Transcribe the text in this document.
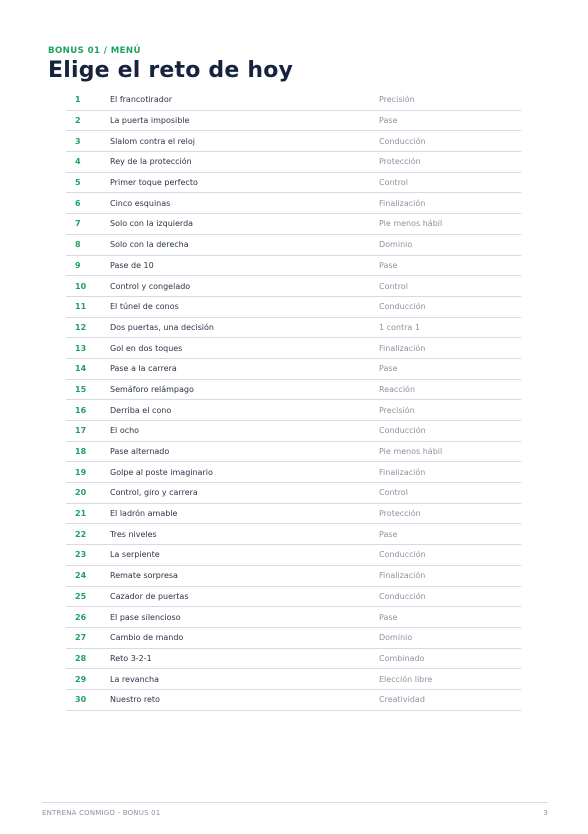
BONUS 01 / MENÚ
Elige el reto de hoy
1	El francotirador	Precisión
2	La puerta imposible	Pase
3	Slalom contra el reloj	Conducción
4	Rey de la protección	Protección
5	Primer toque perfecto	Control
6	Cinco esquinas	Finalización
7	Solo con la izquierda	Pie menos hábil
8	Solo con la derecha	Dominio
9	Pase de 10	Pase
10	Control y congelado	Control
11	El túnel de conos	Conducción
12	Dos puertas, una decisión	1 contra 1
13	Gol en dos toques	Finalización
14	Pase a la carrera	Pase
15	Semáforo relámpago	Reacción
16	Derriba el cono	Precisión
17	El ocho	Conducción
18	Pase alternado	Pie menos hábil
19	Golpe al poste imaginario	Finalización
20	Control, giro y carrera	Control
21	El ladrón amable	Protección
22	Tres niveles	Pase
23	La serpiente	Conducción
24	Remate sorpresa	Finalización
25	Cazador de puertas	Conducción
26	El pase silencioso	Pase
27	Cambio de mando	Dominio
28	Reto 3-2-1	Combinado
29	La revancha	Elección libre
30	Nuestro reto	Creatividad
ENTRENA CONMIGO - BONUS 01	3
